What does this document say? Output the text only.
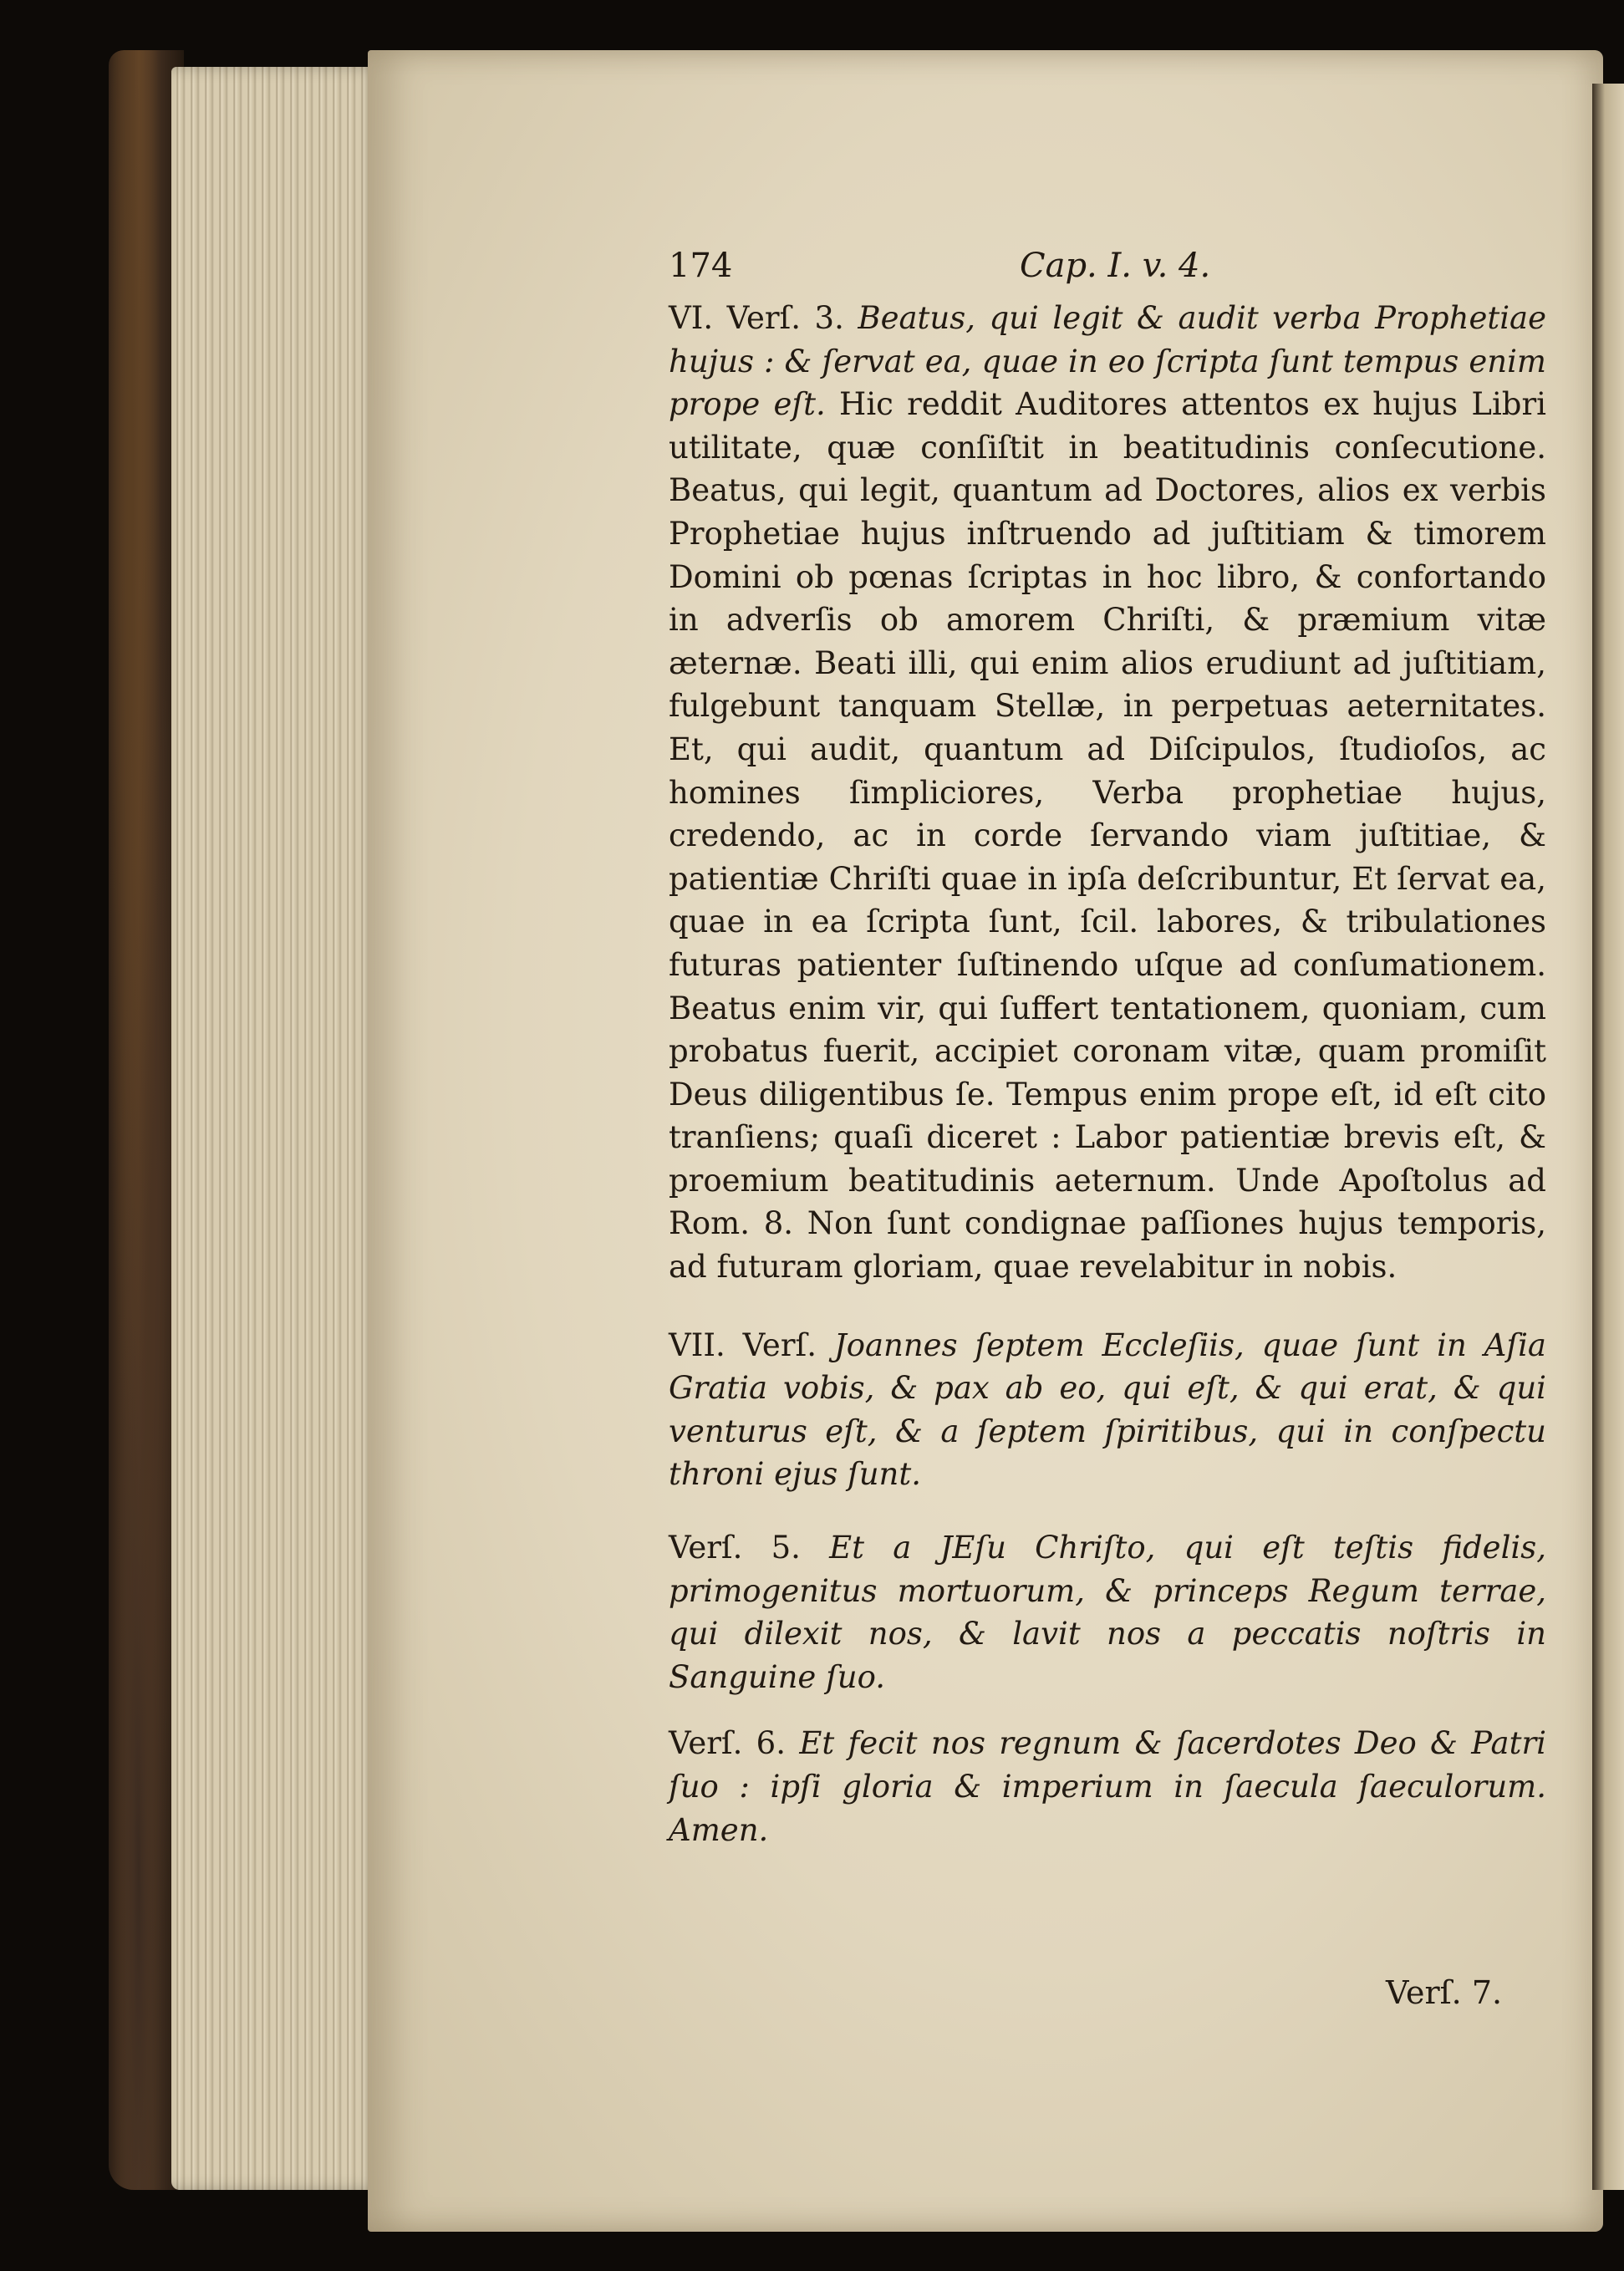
174	Cap. I. v. 4.

VI. Verſ. 3. Beatus, qui legit & audit verba Prophetiae hujus : & ſervat ea, quae in eo ſcripta ſunt tempus enim prope eſt. Hic reddit Auditores attentos ex hujus Libri utilitate, quæ conſiſtit in beatitudinis conſecutione. Beatus, qui legit, quantum ad Doctores, alios ex verbis Prophetiae hujus inſtruendo ad juſtitiam & timorem Domini ob pœnas ſcriptas in hoc libro, & confortando in adverſis ob amorem Chriſti, & præmium vitæ æternæ. Beati illi, qui enim alios erudiunt ad juſtitiam, fulgebunt tanquam Stellæ, in perpetuas aeternitates. Et, qui audit, quantum ad Diſcipulos, ſtudioſos, ac homines ſimpliciores, Verba prophetiae hujus, credendo, ac in corde ſervando viam juſtitiae, & patientiæ Chriſti quae in ipſa deſcribuntur, Et ſervat ea, quae in ea ſcripta ſunt, ſcil. labores, & tribulationes futuras patienter ſuſtinendo uſque ad conſumationem. Beatus enim vir, qui ſuffert tentationem, quoniam, cum probatus fuerit, accipiet coronam vitæ, quam promiſit Deus diligentibus ſe. Tempus enim prope eſt, id eſt cito tranſiens; quaſi diceret : Labor patientiæ brevis eſt, & proemium beatitudinis aeternum. Unde Apoſtolus ad Rom. 8. Non ſunt condignae paſſiones hujus temporis, ad futuram gloriam, quae revelabitur in nobis.

VII. Verſ. Joannes ſeptem Eccleſiis, quae ſunt in Aſia Gratia vobis, & pax ab eo, qui eſt, & qui erat, & qui venturus eſt, & a ſeptem ſpiritibus, qui in conſpectu throni ejus ſunt.

Verſ. 5. Et a JEſu Chriſto, qui eſt teſtis fidelis, primogenitus mortuorum, & princeps Regum terrae, qui dilexit nos, & lavit nos a peccatis noſtris in Sanguine ſuo.

Verſ. 6. Et fecit nos regnum & ſacerdotes Deo & Patri ſuo : ipſi gloria & imperium in ſaecula ſaeculorum. Amen.

Verſ. 7.
